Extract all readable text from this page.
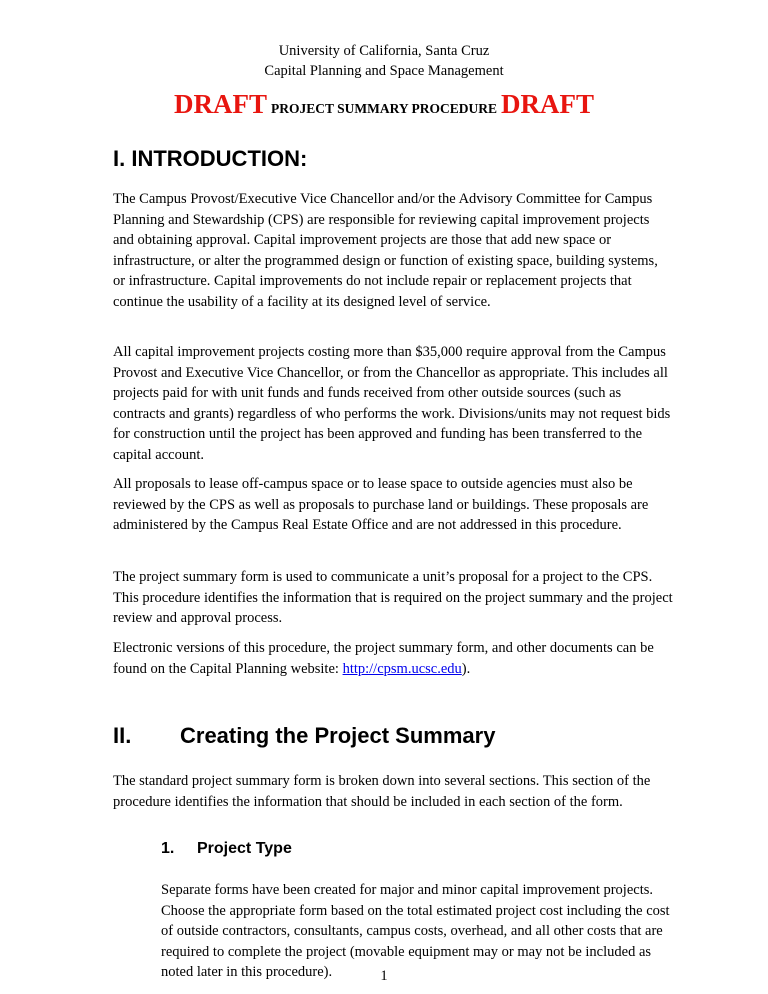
University of California, Santa Cruz
Capital Planning and Space Management
DRAFT PROJECT SUMMARY PROCEDURE DRAFT
I. INTRODUCTION:

The Campus Provost/Executive Vice Chancellor and/or the Advisory Committee for Campus Planning and Stewardship (CPS) are responsible for reviewing capital improvement projects and obtaining approval. Capital improvement projects are those that add new space or infrastructure, or alter the programmed design or function of existing space, building systems, or infrastructure. Capital improvements do not include repair or replacement projects that continue the usability of a facility at its designed level of service.

All capital improvement projects costing more than $35,000 require approval from the Campus Provost and Executive Vice Chancellor, or from the Chancellor as appropriate. This includes all projects paid for with unit funds and funds received from other outside sources (such as contracts and grants) regardless of who performs the work. Divisions/units may not request bids for construction until the project has been approved and funding has been transferred to the capital account.

All proposals to lease off-campus space or to lease space to outside agencies must also be reviewed by the CPS as well as proposals to purchase land or buildings. These proposals are administered by the Campus Real Estate Office and are not addressed in this procedure.

The project summary form is used to communicate a unit’s proposal for a project to the CPS. This procedure identifies the information that is required on the project summary and the project review and approval process.

Electronic versions of this procedure, the project summary form, and other documents can be found on the Capital Planning website: http://cpsm.ucsc.edu).

II. Creating the Project Summary

The standard project summary form is broken down into several sections. This section of the procedure identifies the information that should be included in each section of the form.

1. Project Type

Separate forms have been created for major and minor capital improvement projects. Choose the appropriate form based on the total estimated project cost including the cost of outside contractors, consultants, campus costs, overhead, and all other costs that are required to complete the project (movable equipment may or may not be included as noted later in this procedure).	1
